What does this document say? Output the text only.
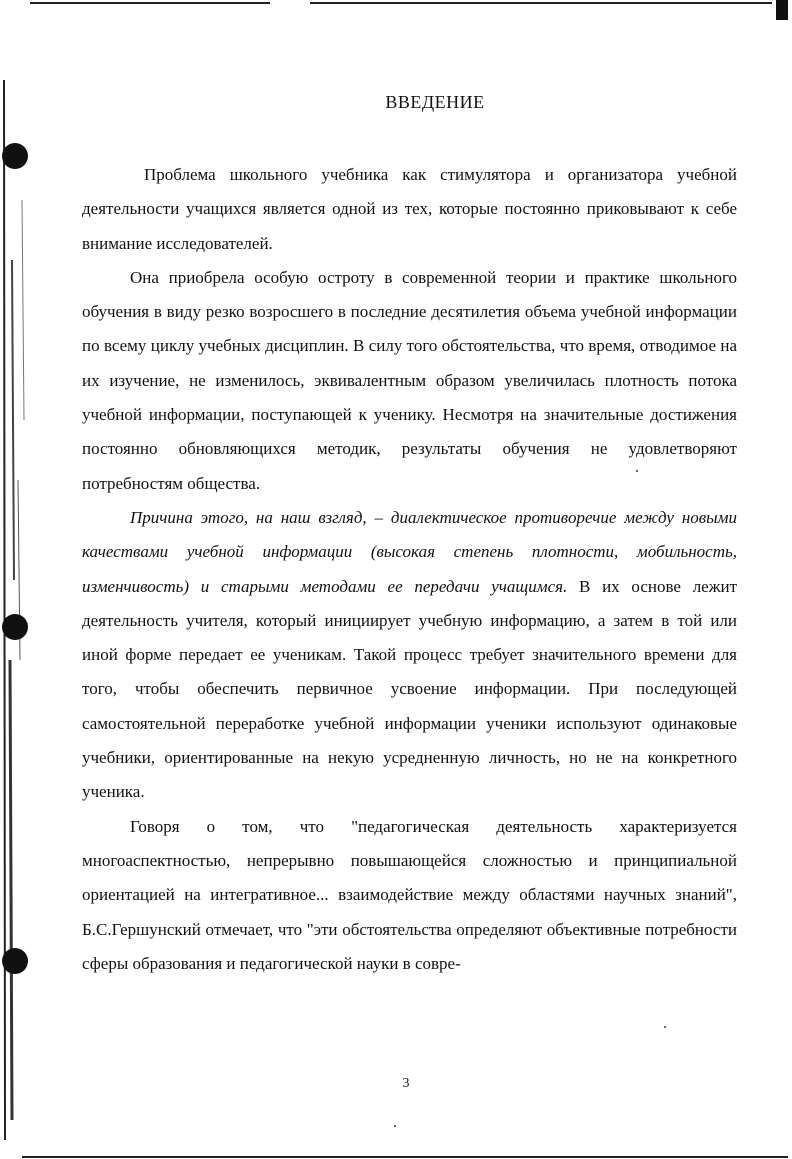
ВВЕДЕНИЕ

Проблема школьного учебника как стимулятора и организатора учебной деятельности учащихся является одной из тех, которые постоянно приковывают к себе внимание исследователей.

Она приобрела особую остроту в современной теории и практике школьного обучения в виду резко возросшего в последние десятилетия объема учебной информации по всему циклу учебных дисциплин. В силу того обстоятельства, что время, отводимое на их изучение, не изменилось, эквивалентным образом увеличилась плотность потока учебной информации, поступающей к ученику. Несмотря на значительные достижения постоянно обновляющихся методик, результаты обучения не удовлетворяют потребностям общества.

Причина этого, на наш взгляд, – диалектическое противоречие между новыми качествами учебной информации (высокая степень плотности, мобильность, изменчивость) и старыми методами ее передачи учащимся. В их основе лежит деятельность учителя, который инициирует учебную информацию, а затем в той или иной форме передает ее ученикам. Такой процесс требует значительного времени для того, чтобы обеспечить первичное усвоение информации. При последующей самостоятельной переработке учебной информации ученики используют одинаковые учебники, ориентированные на некую усредненную личность, но не на конкретного ученика.

Говоря о том, что "педагогическая деятельность характеризуется многоаспектностью, непрерывно повышающейся сложностью и принципиальной ориентацией на интегративное... взаимодействие между областями научных знаний", Б.С.Гершунский отмечает, что "эти обстоятельства определяют объективные потребности сферы образования и педагогической науки в совре-

3
